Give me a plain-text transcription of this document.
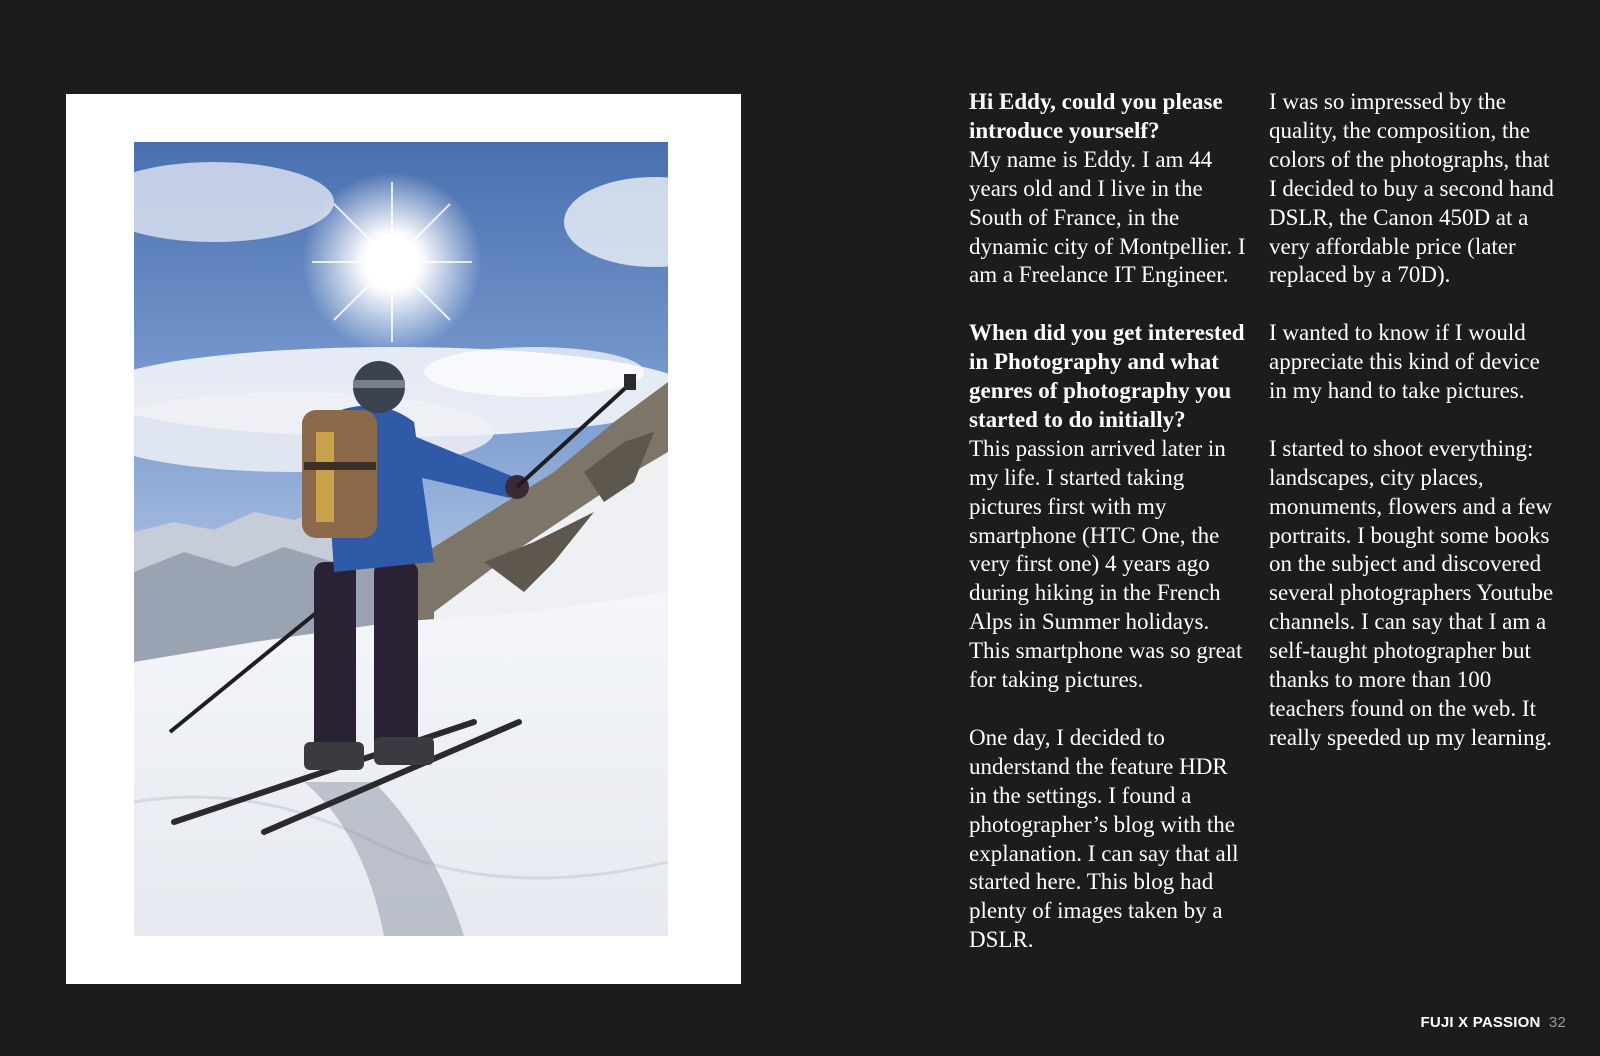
Hi Eddy, could you please introduce yourself?

My name is Eddy. I am 44 years old and I live in the South of France, in the dynamic city of Montpellier. I am a Freelance IT Engineer.

When did you get interested in Photography and what genres of photography you started to do initially?

This passion arrived later in my life. I started taking pictures first with my smartphone (HTC One, the very first one) 4 years ago during hiking in the French Alps in Summer holidays. This smartphone was so great for taking pictures.

One day, I decided to understand the feature HDR in the settings. I found a photographer’s blog with the explanation. I can say that all started here. This blog had plenty of images taken by a DSLR.

I was so impressed by the quality, the composition, the colors of the photographs, that I decided to buy a second hand DSLR, the Canon 450D at a very affordable price (later replaced by a 70D).

I wanted to know if I would appreciate this kind of device in my hand to take pictures.

I started to shoot everything: landscapes, city places, monuments, flowers and a few portraits. I bought some books on the subject and discovered several photographers Youtube channels. I can say that I am a self-taught photographer but thanks to more than 100 teachers found on the web. It really speeded up my learning.

FUJI X PASSION 32
